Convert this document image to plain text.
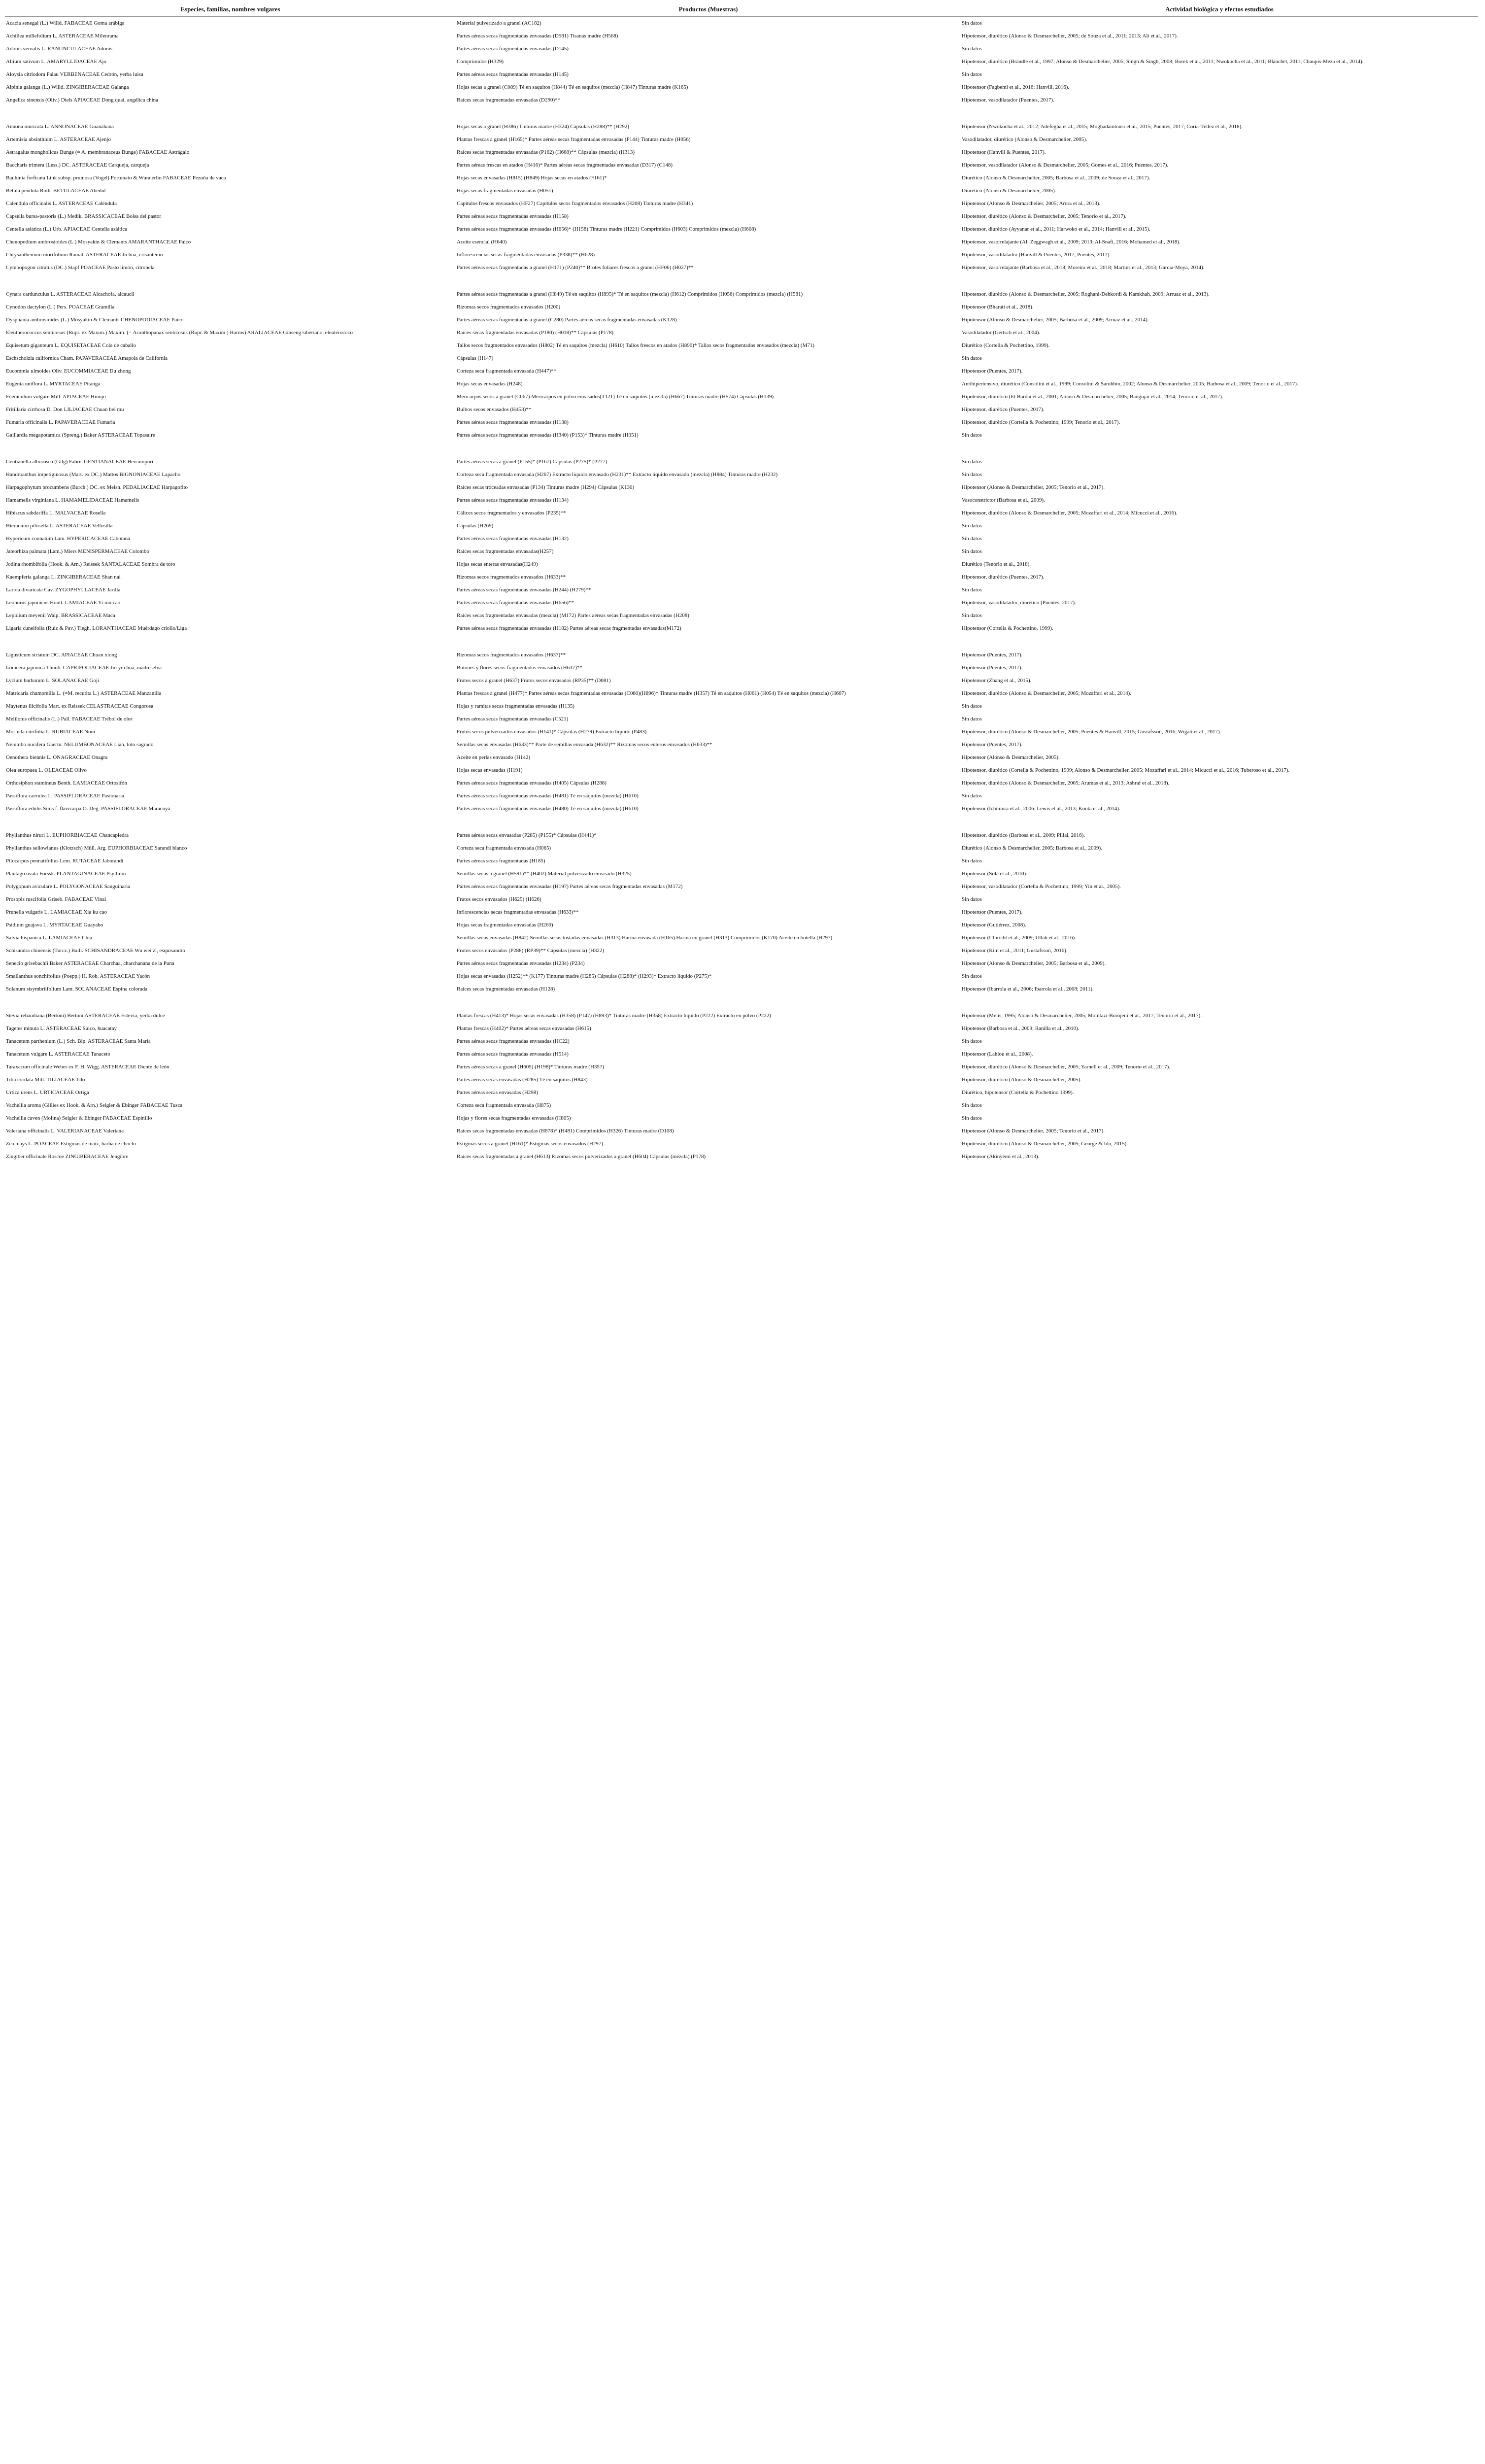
Especies, familias, nombres vulgares	Productos (Muestras)	Actividad biológica y efectos estudiados
Acacia senegal (L.) Willd. FABACEAE Goma arábiga	Material pulverizado a granel (AC182)	Sin datos
Achillea millefolium L. ASTERACEAE Milenrama	Partes aéreas secas fragmentadas envasadas (D581) Tisanas madre (H568)	Hipotensor, diurético (Alonso & Desmarchelier, 2005; de Souza et al., 2011; 2013; Ali et al., 2017).
Adonis vernalis L. RANUNCULACEAE Adonis	Partes aéreas secas fragmentadas envasadas (D145)	Sin datos
Allium sativum L. AMARYLLIDACEAE Ajo	Comprimidos (H329)	Hipotensor, diurético (Brändle et al., 1997; Alonso & Desmarchelier, 2005; Singh & Singh, 2008; Borek et al., 2011; Nwokocha et al., 2011; Blanchet, 2011; Chaupis-Meza et al., 2014).
Aloysia citriodora Palau VERBENACEAE Cedrón, yerba luisa	Partes aéreas secas fragmentadas envasadas (H145)	Sin datos
Alpinia galanga (L.) Willd. ZINGIBERACEAE Galanga	Hojas secas a granel (C089) Té en saquitos (H844) Té en saquitos (mezcla) (H847) Tinturas madre (K165)	Hipotensor (Fagbemi et al., 2016; Hanvill, 2016).
Angelica sinensis (Oliv.) Diels APIACEAE Dong quai, angélica china	Raíces secas fragmentadas envasadas (D290)**	Hipotensor, vasodilatador (Puentes, 2017).

Annona muricata L. ANNONACEAE Guanábana	Hojas secas a granel (H386) Tinturas madre (H324) Cápsulas (H288)** (H292)	Hipotensor (Nwokocha et al., 2012; Adefegha et al., 2015; Moghadamtousi et al., 2015; Puentes, 2017; Coria-Téllez et al., 2018).
Artemisia absinthium L. ASTERACEAE Ajenjo	Plantas frescas a granel (H165)* Partes aéreas secas fragmentadas envasadas (P144) Tinturas madre (H056)	Vasodilatador, diurético (Alonso & Desmarchelier, 2005).
Astragalus mongholicus Bunge (= A. membranaceus Bunge) FABACEAE Astrágalo	Raíces secas fragmentadas envasadas (P162) (H668)** Cápsulas (mezcla) (H313)	Hipotensor (Hanvill & Puentes, 2017).
Baccharis trimera (Less.) DC. ASTERACEAE Carqueja, carqueja	Partes aéreas frescas en atados (H416)* Partes aéreas secas fragmentadas envasadas (D317) (C148)	Hipotensor, vasodilatador (Alonso & Desmarchelier, 2005; Gomes et al., 2016; Puentes, 2017).
Bauhinia forficata Link subsp. pruinosa (Vogel) Fortunato & Wunderlin FABACEAE Pezuña de vaca	Hojas secas envasadas (H815) (H849) Hojas secas en atados (F161)*	Diurético (Alonso & Desmarchelier, 2005; Barbosa et al., 2009; de Souza et al., 2017).
Betula pendula Roth. BETULACEAE Abedul	Hojas secas fragmentadas envasadas (H051)	Diurético (Alonso & Desmarchelier, 2005).
Calendula officinalis L. ASTERACEAE Caléndula	Capítulos frescos envasados (HF27) Capítulos secos fragmentados envasados (H208) Tinturas madre (H341)	Hipotensor (Alonso & Desmarchelier, 2005; Arora et al., 2013).
Capsella bursa-pastoris (L.) Medik. BRASSICACEAE Bolsa del pastor	Partes aéreas secas fragmentadas envasadas (H158)	Hipotensor, diurético (Alonso & Desmarchelier, 2005; Tenorio et al., 2017).
Centella asiatica (L.) Urb. APIACEAE Centella asiática	Partes aéreas secas fragmentadas envasadas (H656)* (H158) Tinturas madre (H221) Comprimidos (H603) Comprimidos (mezcla) (H608)	Hipotensor, diurético (Ayyanar et al., 2011; Harwoko et al., 2014; Hanvill et al., 2015).
Chenopodium ambrosioides (L.) Mosyakin & Clemants AMARANTHACEAE Paico	Aceite esencial (H640)	Hipotensor, vasorrelajante (Ali Zeggwagh et al., 2009; 2013; Al-Snafi, 2016; Mohamed et al., 2018).
Chrysanthemum morifolium Ramat. ASTERACEAE Ju hua, crisantemo	Inflorescencias secas fragmentadas envasadas (P338)** (H628)	Hipotensor, vasodilatador (Hanvill & Puentes, 2017; Puentes, 2017).
Cymbopogon citratus (DC.) Stapf POACEAE Pasto limón, citronela	Partes aéreas secas fragmentadas a granel (H171) (P240)** Brotes foliares frescos a granel (HF06) (H027)**	Hipotensor, vasorrelajante (Barbosa et al., 2018; Moreira et al., 2018; Martins et al., 2013; Garcia-Moya, 2014).

Cynara cardunculus L. ASTERACEAE Alcachofa, alcaucil	Partes aéreas secas fragmentadas a granel (H849) Té en saquitos (H895)* Té en saquitos (mezcla) (H612) Comprimidos (H056) Comprimidos (mezcla) (H581)	Hipotensor, diurético (Alonso & Desmarchelier, 2005; Roghani-Dehkordi & Kamkhah, 2009; Arruaz et al., 2013).
Cynodon dactylon (L.) Pers. POACEAE Gramilla	Rizomas secos fragmentados envasados (H200)	Hipotensor (Bharati et al., 2018).
Dysphania ambrosioides (L.) Mosyakin & Clemants CHENOPODIACEAE Paico	Partes aéreas secas fragmentadas a granel (C280) Partes aéreas secas fragmentadas envasadas (K128)	Hipotensor (Alonso & Desmarchelier, 2005; Barbosa et al., 2009; Arruaz et al., 2014).
Eleutherococcus senticosus (Rupr. ex Maxim.) Maxim. (= Acanthopanax senticosus (Rupr. & Maxim.) Harms) ARALIACEAE Ginseng siberiano, eleuterococo	Raíces secas fragmentadas envasadas (P180) (H018)** Cápsulas (P178)	Vasodilatador (Gertsch et al., 2004).
Equisetum giganteum L. EQUISETACEAE Cola de caballo	Tallos secos fragmentados envasados (H802) Té en saquitos (mezcla) (H610) Tallos frescos en atados (H890)* Tallos secos fragmentados envasados (mezcla) (M71)	Diurético (Cortella & Pochettino, 1999).
Eschscholzia californica Cham. PAPAVERACEAE Amapola de California	Cápsulas (H147)	Sin datos
Eucommia ulmoides Oliv. EUCOMMIACEAE Du zhong	Corteza seca fragmentada envasada (H447)**	Hipotensor (Puentes, 2017).
Eugenia uniflora L. MYRTACEAE Pitanga	Hojas secas envasadas (H248)	Antihipertensivo, diurético (Consolini et al., 1999; Consolini & Sarubbio, 2002; Alonso & Desmarchelier, 2005; Barbosa et al., 2009; Tenorio et al., 2017).
Foeniculum vulgare Mill. APIACEAE Hinojo	Mericarpos secos a granel (C067) Mericarpos en polvo envasados(T121) Té en saquitos (mezcla) (H667) Tinturas madre (H574) Cápsulas (H139)	Hipotensor, diurético (El Bardai et al., 2001; Alonso & Desmarchelier, 2005; Badgujar et al., 2014; Tenorio et al., 2017).
Fritillaria cirrhosa D. Don LILIACEAE Chuan bei mu	Bulbos secos envasados (H453)**	Hipotensor, diurético (Puentes, 2017).
Fumaria officinalis L. PAPAVERACEAE Fumaria	Partes aéreas secas fragmentadas envasadas (H138)	Hipotensor, diurético (Cortella & Pochettino, 1999; Tenorio et al., 2017).
Gaillardia megapotamica (Spreng.) Baker ASTERACEAE Topasaire	Partes aéreas secas fragmentadas envasadas (H340) (P153)* Tinturas madre (H051)	Sin datos

Gentianella alborosea (Gilg) Fabris GENTIANACEAE Hercampuri	Partes aéreas secas a granel (P155)* (P167) Cápsulas (P275)* (P277)	Sin datos
Handroanthus impetiginosus (Mart. ex DC.) Mattos BIGNONIACEAE Lapacho	Corteza seca fragmentada envasada (H267) Extracto líquido envasado (H231)** Extracto líquido envasado (mezcla) (H884) Tinturas madre (H232)	Sin datos
Harpagophytum procumbens (Burch.) DC. ex Meisn. PEDALIACEAE Harpagofito	Raíces secas troceadas envasadas (P134) Tinturas madre (H294) Cápsulas (K130)	Hipotensor (Alonso & Desmarchelier, 2005; Tenorio et al., 2017).
Hamamelis virginiana L. HAMAMELIDACEAE Hamamelis	Partes aéreas secas fragmentadas envasadas (H134)	Vasoconstrictor (Barbosa et al., 2009).
Hibiscus sabdariffa L. MALVACEAE Rosella	Cálices secos fragmentados y envasados (P235)**	Hipotensor, diurético (Alonso & Desmarchelier, 2005; Mozaffari et al., 2014; Micucci et al., 2016).
Hieracium pilosella L. ASTERACEAE Vellosilla	Cápsulas (H269)	Sin datos
Hypericum connatum Lam. HYPERICACEAE Cabotaná	Partes aéreas secas fragmentadas envasadas (H132)	Sin datos
Jateorhiza palmata (Lam.) Miers MENISPERMACEAE Colombo	Raíces secas fragmentadas envasadas(H257)	Sin datos
Jodina rhombifolia (Hook. & Arn.) Reissek SANTALACEAE Sombra de toro	Hojas secas enteras envasadas(H249)	Diurético (Tenorio et al., 2018).
Kaempferia galanga L. ZINGIBERACEAE Shan nai	Rizomas secos fragmentados envasados (H633)**	Hipotensor, diurético (Puentes, 2017).
Larrea divaricata Cav. ZYGOPHYLLACEAE Jarilla	Partes aéreas secas fragmentadas envasadas (H244) (H279)**	Sin datos
Leonurus japonicus Houtt. LAMIACEAE Yi mu cao	Partes aéreas secas fragmentadas envasadas (H656)**	Hipotensor, vasodilatador, diurético (Puentes, 2017).
Lepidium meyenii Walp. BRASSICACEAE Maca	Raíces secas fragmentadas envasadas (mezcla) (M172) Partes aéreas secas fragmentadas envasadas (H208)	Sin datos
Ligaria cuneifolia (Ruiz & Pav.) Tiegh. LORANTHACEAE Muérdago criollo/Liga	Partes aéreas secas fragmentadas envasadas (H182) Partes aéreas secas fragmentadas envasadas(M172)	Hipotensor (Cortella & Pochettino, 1999).

Ligusticum striatum DC. APIACEAE Chuan xiong	Rizomas secos fragmentados envasados (H637)**	Hipotensor (Puentes, 2017).
Lonicera japonica Thunb. CAPRIFOLIACEAE Jin yin hua, madreselva	Botones y flores secos fragmentados envasados (H637)**	Hipotensor (Puentes, 2017).
Lycium barbarum L. SOLANACEAE Goji	Frutos secos a granel (H637) Frutos secos envasados (RP35)** (D081)	Hipotensor (Zhang et al., 2015).
Matricaria chamomilla L. (=M. recutita L.) ASTERACEAE Manzanilla	Plantas frescas a granel (H477)* Partes aéreas secas fragmentadas envasadas (C080)(H896)* Tinturas madre (H357) Té en saquitos (H061) (H054) Té en saquitos (mezcla) (H667)	Hipotensor, diurético (Alonso & Desmarchelier, 2005; Mozaffari et al., 2014).
Maytenus ilicifolia Mart. ex Reissek CELASTRACEAE Congorosa	Hojas y ramitas secas fragmentadas envasadas (H135)	Sin datos
Melilotus officinalis (L.) Pall. FABACEAE Trébol de olor	Partes aéreas secas fragmentadas envasadas (C521)	Sin datos
Morinda citrifolia L. RUBIACEAE Noni	Frutos secos pulverizados envasados (H141)* Cápsulas (H279) Extracto líquido (P483)	Hipotensor, diurético (Alonso & Desmarchelier, 2005; Puentes & Hanvill, 2015; Gustafsson, 2016; Wigati et al., 2017).
Nelumbo nucifera Gaertn. NELUMBONACEAE Lian, loto sagrado	Semillas secas envasadas (H633)** Parte de semillas envasada (H632)** Rizomas secos enteros envasados (H633)**	Hipotensor (Puentes, 2017).
Oenothera biennis L. ONAGRACEAE Onagra	Aceite en perlas envasado (H142)	Hipotensor (Alonso & Desmarchelier, 2005).
Olea europaea L. OLEACEAE Olivo	Hojas secas envasadas (H191)	Hipotensor, diurético (Cortella & Pochettino, 1999; Alonso & Desmarchelier, 2005; Mozaffari et al., 2014; Micucci et al., 2016; Tuberoso et al., 2017).
Orthosiphon stamineus Benth. LAMIACEAE Ortosifón	Partes aéreas secas fragmentadas envasadas (H405) Cápsulas (H288)	Hipotensor, diurético (Alonso & Desmarchelier, 2005; Arumas et al., 2013; Ashraf et al., 2018).
Passiflora caerulea L. PASSIFLORACEAE Pasionaria	Partes aéreas secas fragmentadas envasadas (H481) Té en saquitos (mezcla) (H610)	Sin datos
Passiflora edulis Sims f. flavicarpa O. Deg. PASSIFLORACEAE Maracuyá	Partes aéreas secas fragmentadas envasadas (H480) Té en saquitos (mezcla) (H610)	Hipotensor (Ichimura et al., 2006; Lewis et al., 2013; Konta et al., 2014).

Phyllanthus niruri L. EUPHORBIACEAE Chancapiedra	Partes aéreas secas envasadas (P285) (P155)* Cápsulas (H441)*	Hipotensor, diurético (Barbosa et al., 2009; Pillai, 2016).
Phyllanthus sellowianus (Klotzsch) Müll. Arg. EUPHORBIACEAE Sarandí blanco	Corteza seca fragmentada envasada (H065)	Diurético (Alonso & Desmarchelier, 2005; Barbosa et al., 2009).
Pilocarpus pennatifolius Lem. RUTACEAE Jaborandi	Partes aéreas secas fragmentadas (H185)	Sin datos
Plantago ovata Forssk. PLANTAGINACEAE Psyllium	Semillas secas a granel (H591)** (H402) Material pulverizado envasado (H325)	Hipotensor (Sola et al., 2010).
Polygonum aviculare L. POLYGONACEAE Sanguinaria	Partes aéreas secas fragmentadas envasadas (H197) Partes aéreas secas fragmentadas envasadas (M172)	Hipotensor, vasodilatador (Cortella & Pochettino, 1999; Yin et al., 2005).
Prosopis ruscifolia Griseb. FABACEAE Vinal	Frutos secos envasados (H625) (H626)	Sin datos
Prunella vulgaris L. LAMIACEAE Xia ku cao	Inflorescencias secas fragmentadas envasadas (H633)**	Hipotensor (Puentes, 2017).
Psidium guajava L. MYRTACEAE Guayabo	Hojas secas fragmentadas envasadas (H260)	Hipotensor (Gutiérrez, 2008).
Salvia hispanica L. LAMIACEAE Chía	Semillas secas envasadas (H842) Semillas secas tostadas envasadas (H313) Harina envasada (H165) Harina en granel (H313) Comprimidos (K170) Aceite en botella (H297)	Hipotensor (Ulbricht et al., 2009; Ullah et al., 2016).
Schisandra chinensis (Turcz.) Baill. SCHISANDRACEAE Wu wei zi, esquisandra	Frutos secos envasados (P288) (RP39)** Cápsulas (mezcla) (H322)	Hipotensor (Kim et al., 2011; Gustafsson, 2016).
Senecio grisebachii Baker ASTERACEAE Charchaa, charchanana de la Puna	Partes aéreas secas fragmentadas envasadas (H234) (P234)	Hipotensor (Alonso & Desmarchelier, 2005; Barbosa et al., 2009).
Smallanthus sonchifolius (Poepp.) H. Rob. ASTERACEAE Yacón	Hojas secas envasadas (H252)** (K177) Tinturas madre (H285) Cápsulas (H288)* (H293)* Extracto líquido (P275)*	Sin datos
Solanum sisymbriifolium Lam. SOLANACEAE Espina colorada	Raíces secas fragmentadas envasadas (H128)	Hipotensor (Ibarrola et al., 2006; Ibarrola et al., 2008; 2011).

Stevia rebaudiana (Bertoni) Bertoni ASTERACEAE Estevia, yerba dulce	Plantas frescas (H413)* Hojas secas envasadas (H358) (P147) (H893)* Tinturas madre (H358) Extracto líquido (P222) Extracto en polvo (P222)	Hipotensor (Melis, 1995; Alonso & Desmarchelier, 2005; Momtazi-Borojeni et al., 2017; Tenorio et al., 2017).
Tagetes minuta L. ASTERACEAE Suico, huacatay	Plantas frescas (H402)* Partes aéreas secas envasadas (H615)	Hipotensor (Barbosa et al., 2009; Ranilla et al., 2010).
Tanacetum parthenium (L.) Sch. Bip. ASTERACEAE Santa María	Partes aéreas secas fragmentadas envasadas (HC22)	Sin datos
Tanacetum vulgare L. ASTERACEAE Tanaceto	Partes aéreas secas fragmentadas envasadas (H514)	Hipotensor (Lahlou et al., 2008).
Taraxacum officinale Weber ex F. H. Wigg. ASTERACEAE Diente de león	Partes aéreas secas a granel (H605) (H198)* Tinturas madre (H357)	Hipotensor, diurético (Alonso & Desmarchelier, 2005; Yarnell et al., 2009; Tenorio et al., 2017).
Tilia cordata Mill. TILIACEAE Tilo	Partes aéreas secas envasadas (H285) Té en saquitos (H843)	Hipotensor, diurético (Alonso & Desmarchelier, 2005).
Urtica urens L. URTICACEAE Ortiga	Partes aéreas secas envasadas (H298)	Diurético, hipotensor (Cortella & Pochettino 1999).
Vachellia aroma (Gillies ex Hook. & Arn.) Seigler & Ebinger FABACEAE Tusca	Corteza seca fragmentada envasada (H875)	Sin datos
Vachellia caven (Molina) Seigler & Ebinger FABACEAE Espinillo	Hojas y flores secas fragmentadas envasadas (H805)	Sin datos
Valeriana officinalis L. VALERIANACEAE Valeriana	Raíces secas fragmentadas envasadas (H878)* (H481) Comprimidos (H326) Tinturas madre (D108)	Hipotensor (Alonso & Desmarchelier, 2005; Tenorio et al., 2017).
Zea mays L. POACEAE Estigmas de maíz, barba de choclo	Estigmas secos a granel (H161)* Estigmas secos envasados (H297)	Hipotensor, diurético (Alonso & Desmarchelier, 2005; George & Idu, 2015).
Zingiber officinale Roscoe ZINGIBERACEAE Jengibre	Raíces secas fragmentadas a granel (H613) Rizomas secos pulverizados a granel (H604) Cápsulas (mezcla) (P178)	Hipotensor (Akinyemi et al., 2013).
